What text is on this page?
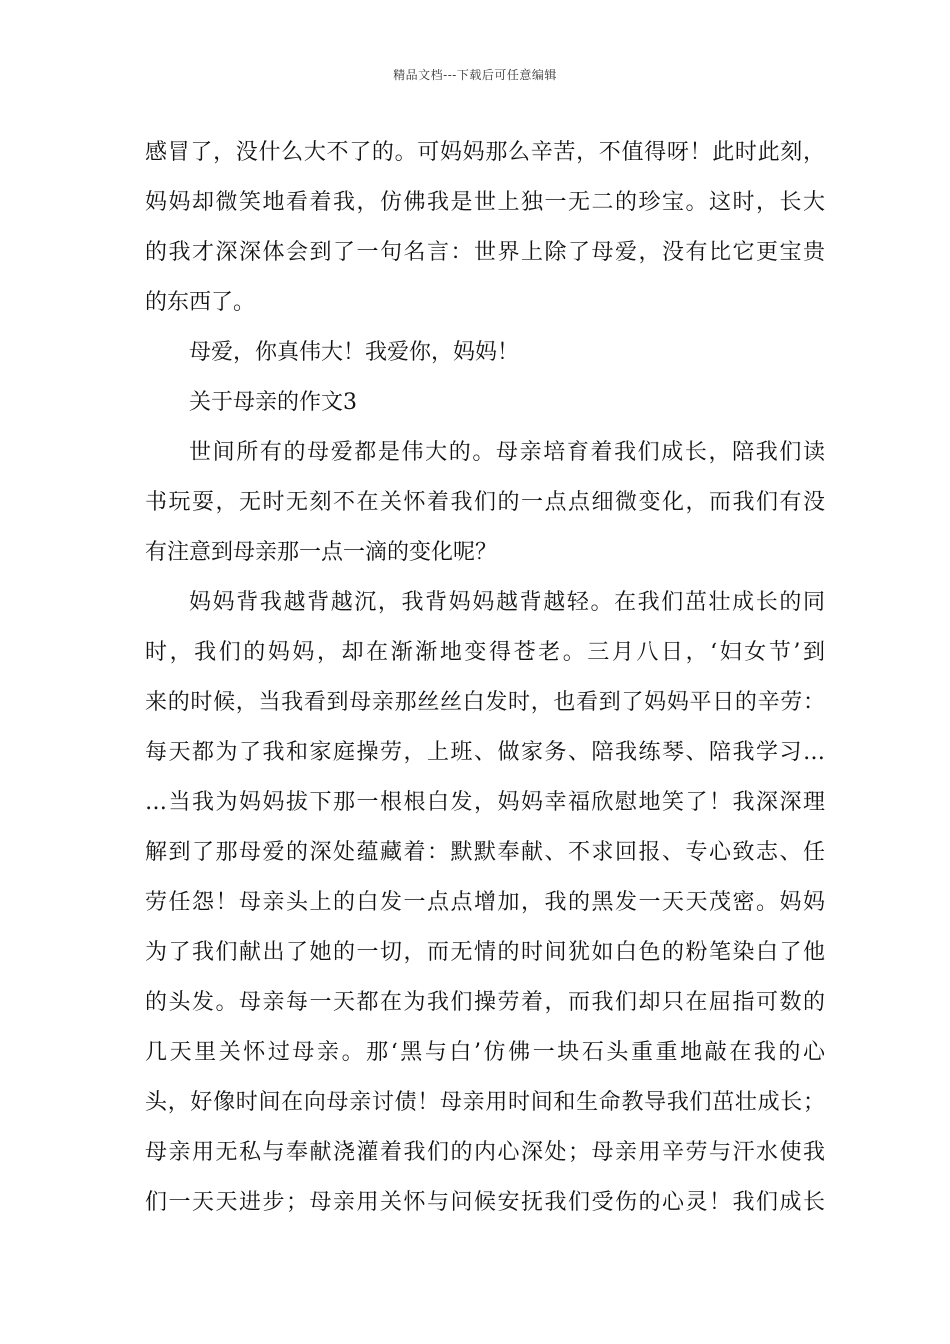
精品文档---下载后可任意编辑
感冒了，没什么大不了的。可妈妈那么辛苦，不值得呀！此时此刻，
妈妈却微笑地看着我，仿佛我是世上独一无二的珍宝。这时，长大
的我才深深体会到了一句名言：世界上除了母爱，没有比它更宝贵
的东西了。
母爱，你真伟大！我爱你，妈妈！
关于母亲的作文3
世间所有的母爱都是伟大的。母亲培育着我们成长，陪我们读
书玩耍，无时无刻不在关怀着我们的一点点细微变化，而我们有没
有注意到母亲那一点一滴的变化呢？
妈妈背我越背越沉，我背妈妈越背越轻。在我们茁壮成长的同
时，我们的妈妈，却在渐渐地变得苍老。三月八日，‘妇女节’到
来的时候，当我看到母亲那丝丝白发时，也看到了妈妈平日的辛劳：
每天都为了我和家庭操劳，上班、做家务、陪我练琴、陪我学习…
…当我为妈妈拔下那一根根白发，妈妈幸福欣慰地笑了！我深深理
解到了那母爱的深处蕴藏着：默默奉献、不求回报、专心致志、任
劳任怨！母亲头上的白发一点点增加，我的黑发一天天茂密。妈妈
为了我们献出了她的一切，而无情的时间犹如白色的粉笔染白了他
的头发。母亲每一天都在为我们操劳着，而我们却只在屈指可数的
几天里关怀过母亲。那‘黑与白’仿佛一块石头重重地敲在我的心
头，好像时间在向母亲讨债！母亲用时间和生命教导我们茁壮成长；
母亲用无私与奉献浇灌着我们的内心深处；母亲用辛劳与汗水使我
们一天天进步；母亲用关怀与问候安抚我们受伤的心灵！我们成长
